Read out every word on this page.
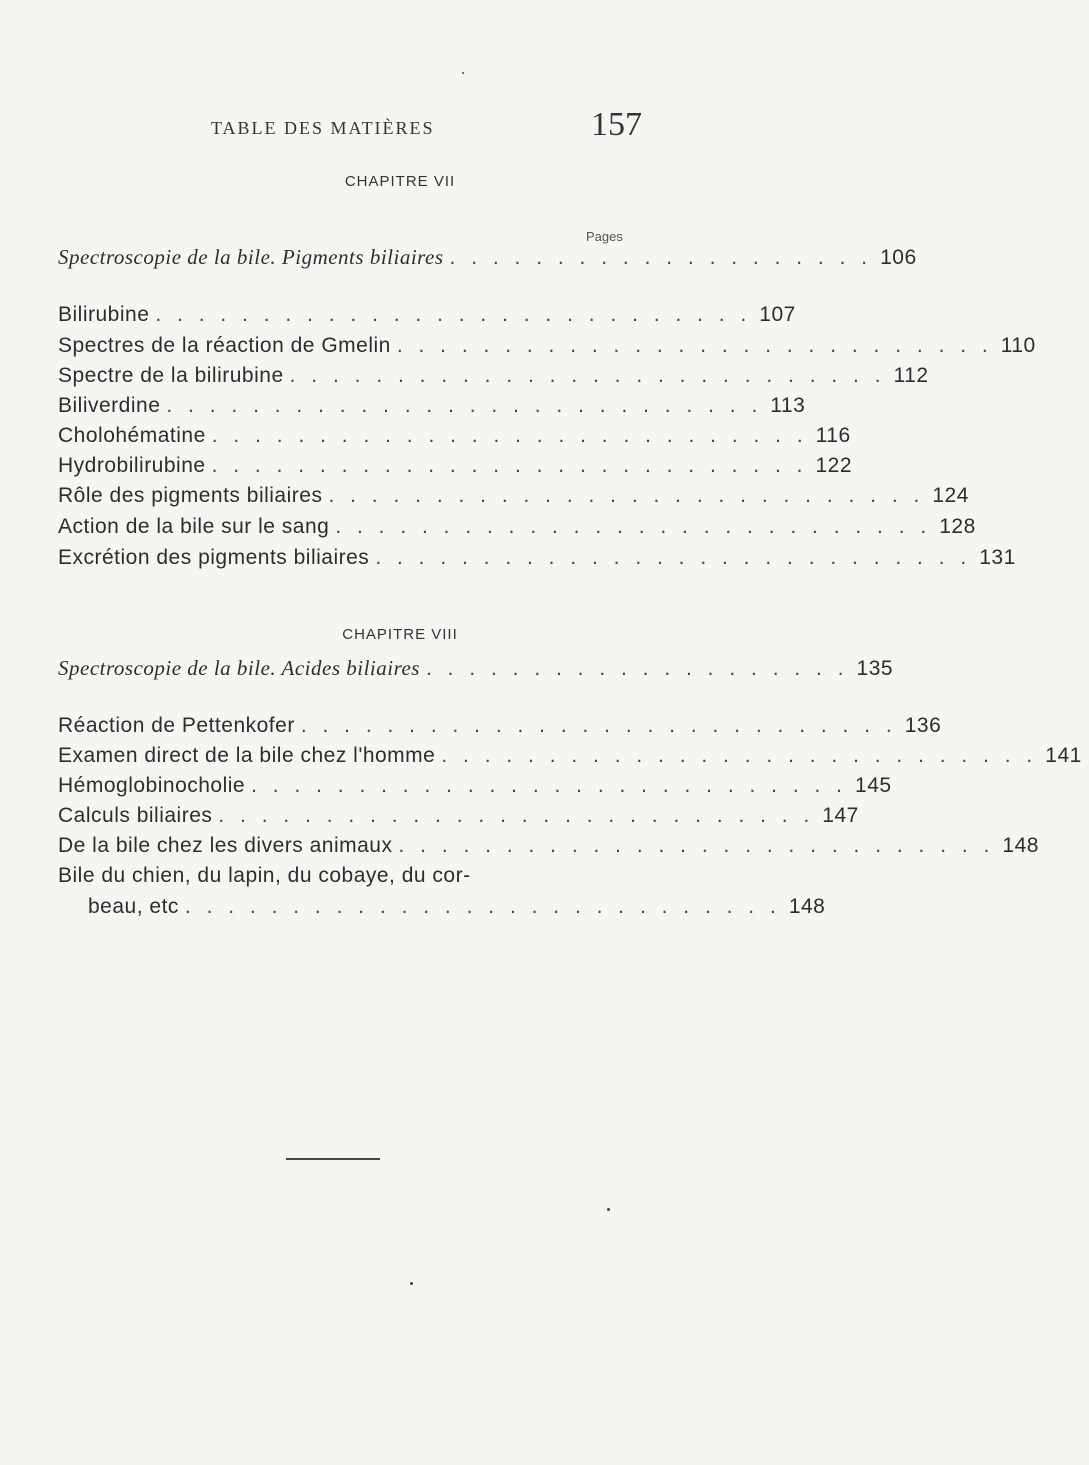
TABLE DES MATIÈRES	157
CHAPITRE VII
Pages
Spectroscopie de la bile. Pigments biliaires . . . . . . . . . . . . . . . . . . . . 106
Bilirubine . . . . . . . . . . . . . . . . . . . . . . . . . . . . 107
Spectres de la réaction de Gmelin . . . . . . . . . . . . . . . . . . . . . . . . . . . . 110
Spectre de la bilirubine . . . . . . . . . . . . . . . . . . . . . . . . . . . . 112
Biliverdine . . . . . . . . . . . . . . . . . . . . . . . . . . . . 113
Cholohématine . . . . . . . . . . . . . . . . . . . . . . . . . . . . 116
Hydrobilirubine . . . . . . . . . . . . . . . . . . . . . . . . . . . . 122
Rôle des pigments biliaires . . . . . . . . . . . . . . . . . . . . . . . . . . . . 124
Action de la bile sur le sang . . . . . . . . . . . . . . . . . . . . . . . . . . . . 128
Excrétion des pigments biliaires . . . . . . . . . . . . . . . . . . . . . . . . . . . . 131
CHAPITRE VIII
Spectroscopie de la bile. Acides biliaires . . . . . . . . . . . . . . . . . . . . 135
Réaction de Pettenkofer . . . . . . . . . . . . . . . . . . . . . . . . . . . . 136
Examen direct de la bile chez l'homme . . . . . . . . . . . . . . . . . . . . . . . . . . . . 141
Hémoglobinocholie . . . . . . . . . . . . . . . . . . . . . . . . . . . . 145
Calculs biliaires . . . . . . . . . . . . . . . . . . . . . . . . . . . . 147
De la bile chez les divers animaux . . . . . . . . . . . . . . . . . . . . . . . . . . . . 148
Bile du chien, du lapin, du cobaye, du cor-
beau, etc . . . . . . . . . . . . . . . . . . . . . . . . . . . . 148
